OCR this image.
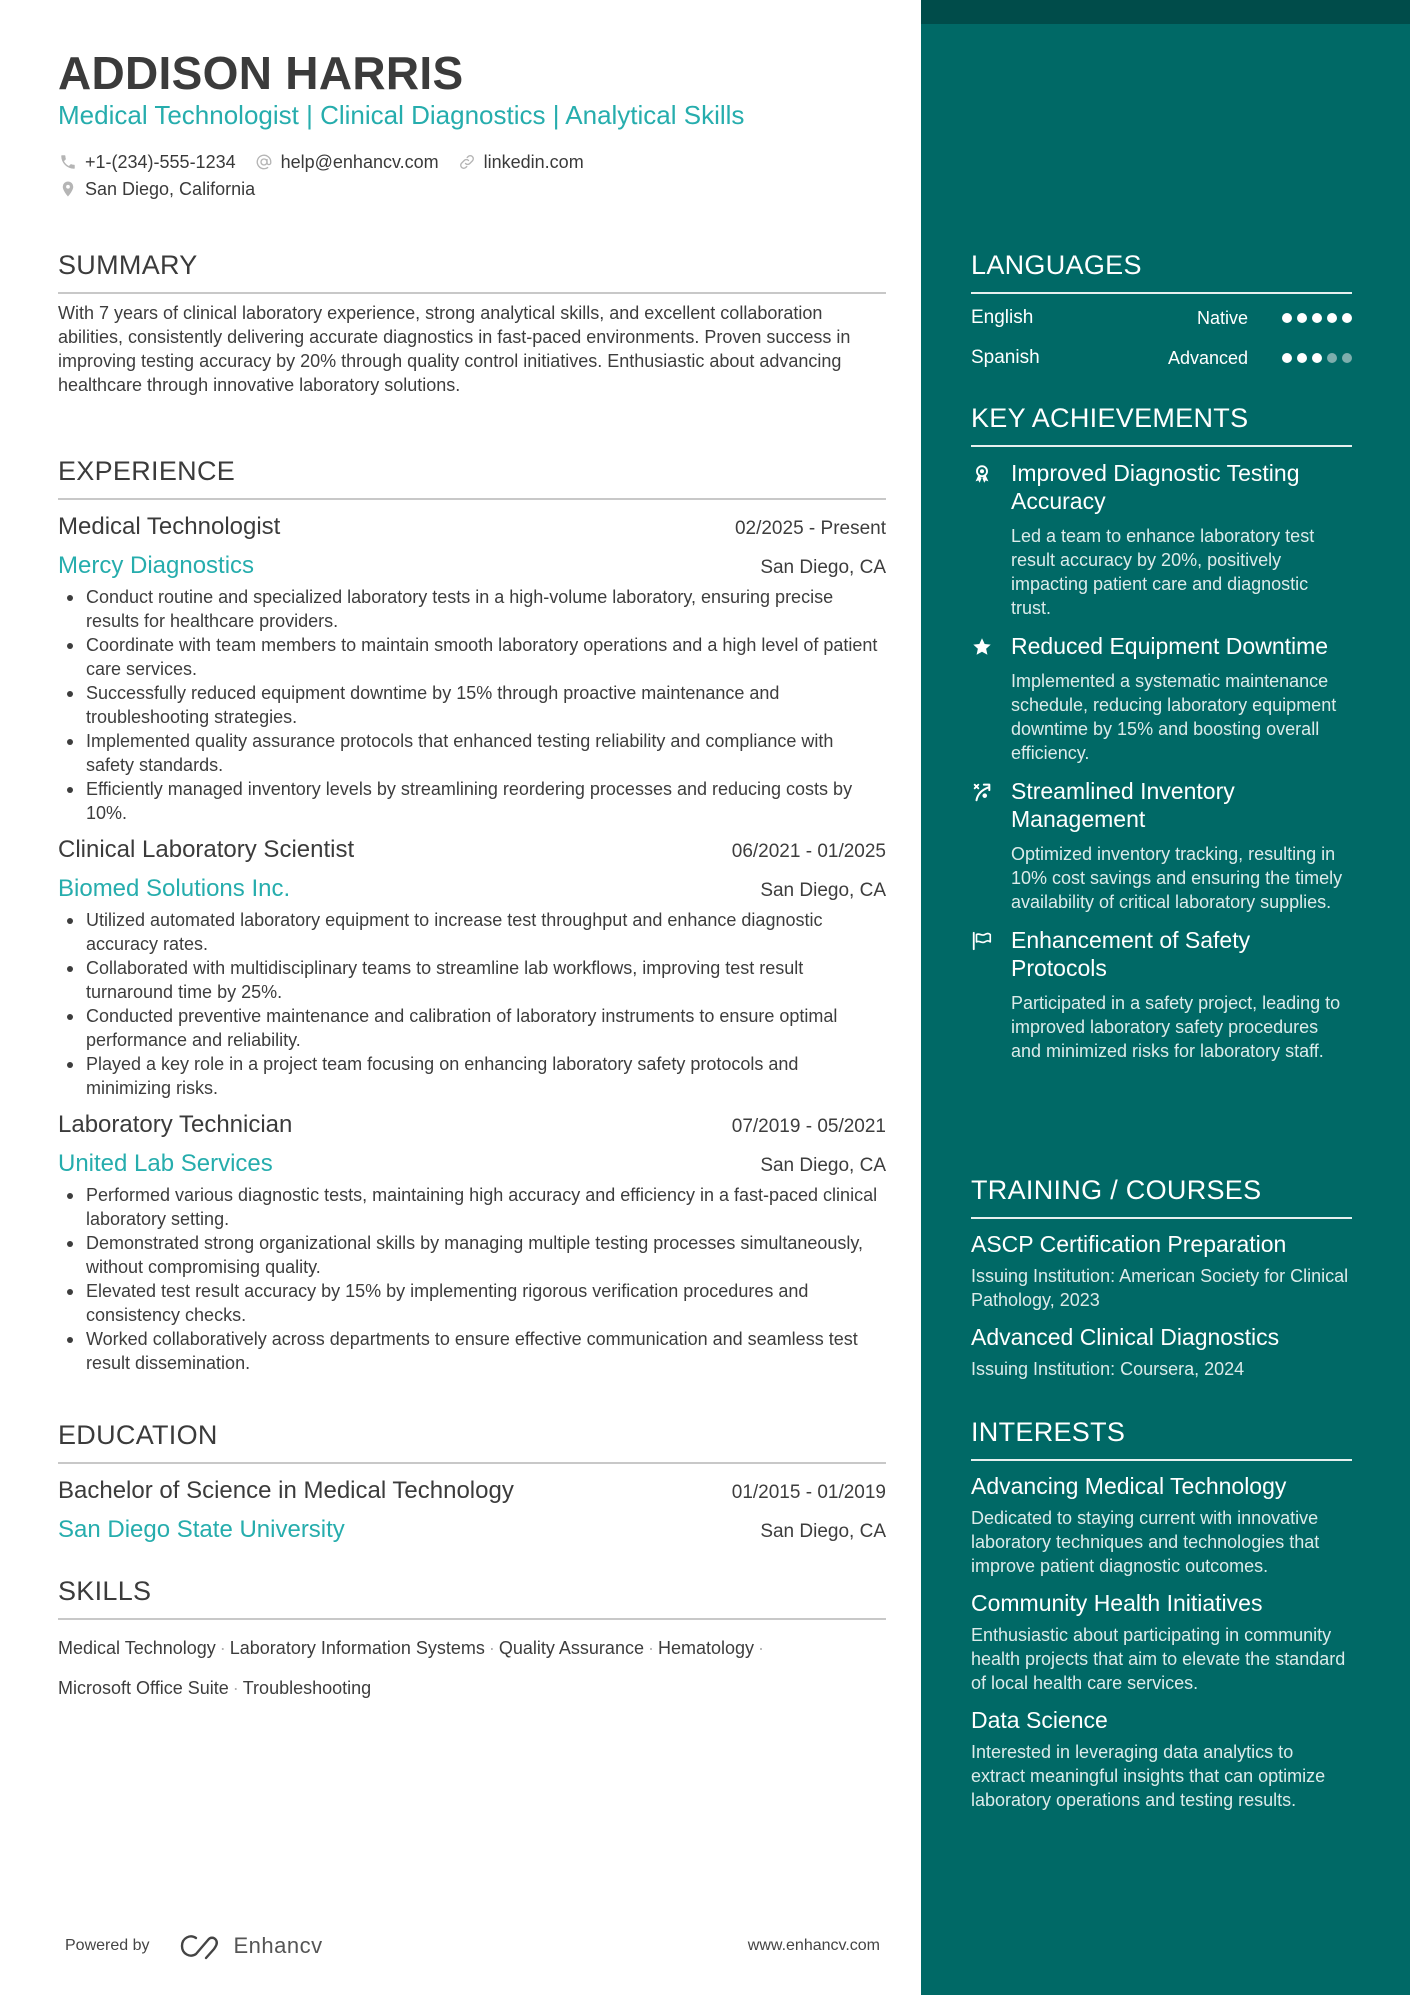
ADDISON HARRIS
Medical Technologist | Clinical Diagnostics | Analytical Skills
+1-(234)-555-1234	help@enhancv.com	linkedin.com
San Diego, California
SUMMARY

With 7 years of clinical laboratory experience, strong analytical skills, and excellent collaboration abilities, consistently delivering accurate diagnostics in fast-paced environments. Proven success in improving testing accuracy by 20% through quality control initiatives. Enthusiastic about advancing healthcare through innovative laboratory solutions.

EXPERIENCE
Medical Technologist	02/2025 - Present
Mercy Diagnostics	San Diego, CA
Conduct routine and specialized laboratory tests in a high-volume laboratory, ensuring precise results for healthcare providers.
Coordinate with team members to maintain smooth laboratory operations and a high level of patient care services.
Successfully reduced equipment downtime by 15% through proactive maintenance and troubleshooting strategies.
Implemented quality assurance protocols that enhanced testing reliability and compliance with safety standards.
Efficiently managed inventory levels by streamlining reordering processes and reducing costs by 10%.
Clinical Laboratory Scientist	06/2021 - 01/2025
Biomed Solutions Inc.	San Diego, CA
Utilized automated laboratory equipment to increase test throughput and enhance diagnostic accuracy rates.
Collaborated with multidisciplinary teams to streamline lab workflows, improving test result turnaround time by 25%.
Conducted preventive maintenance and calibration of laboratory instruments to ensure optimal performance and reliability.
Played a key role in a project team focusing on enhancing laboratory safety protocols and minimizing risks.
Laboratory Technician	07/2019 - 05/2021
United Lab Services	San Diego, CA
Performed various diagnostic tests, maintaining high accuracy and efficiency in a fast-paced clinical laboratory setting.
Demonstrated strong organizational skills by managing multiple testing processes simultaneously, without compromising quality.
Elevated test result accuracy by 15% by implementing rigorous verification procedures and consistency checks.
Worked collaboratively across departments to ensure effective communication and seamless test result dissemination.
EDUCATION
Bachelor of Science in Medical Technology	01/2015 - 01/2019
San Diego State University	San Diego, CA
SKILLS
Medical Technology · Laboratory Information Systems · Quality Assurance · Hematology ·
Microsoft Office Suite · Troubleshooting
Powered by	Enhancv	www.enhancv.com
LANGUAGES
English	Native
Spanish	Advanced
KEY ACHIEVEMENTS
Improved Diagnostic Testing Accuracy
Led a team to enhance laboratory test result accuracy by 20%, positively impacting patient care and diagnostic trust.
Reduced Equipment Downtime
Implemented a systematic maintenance schedule, reducing laboratory equipment downtime by 15% and boosting overall efficiency.
Streamlined Inventory Management
Optimized inventory tracking, resulting in 10% cost savings and ensuring the timely availability of critical laboratory supplies.
Enhancement of Safety Protocols
Participated in a safety project, leading to improved laboratory safety procedures and minimized risks for laboratory staff.
TRAINING / COURSES
ASCP Certification Preparation
Issuing Institution: American Society for Clinical Pathology, 2023
Advanced Clinical Diagnostics
Issuing Institution: Coursera, 2024
INTERESTS
Advancing Medical Technology
Dedicated to staying current with innovative laboratory techniques and technologies that improve patient diagnostic outcomes.
Community Health Initiatives
Enthusiastic about participating in community health projects that aim to elevate the standard of local health care services.
Data Science
Interested in leveraging data analytics to extract meaningful insights that can optimize laboratory operations and testing results.
